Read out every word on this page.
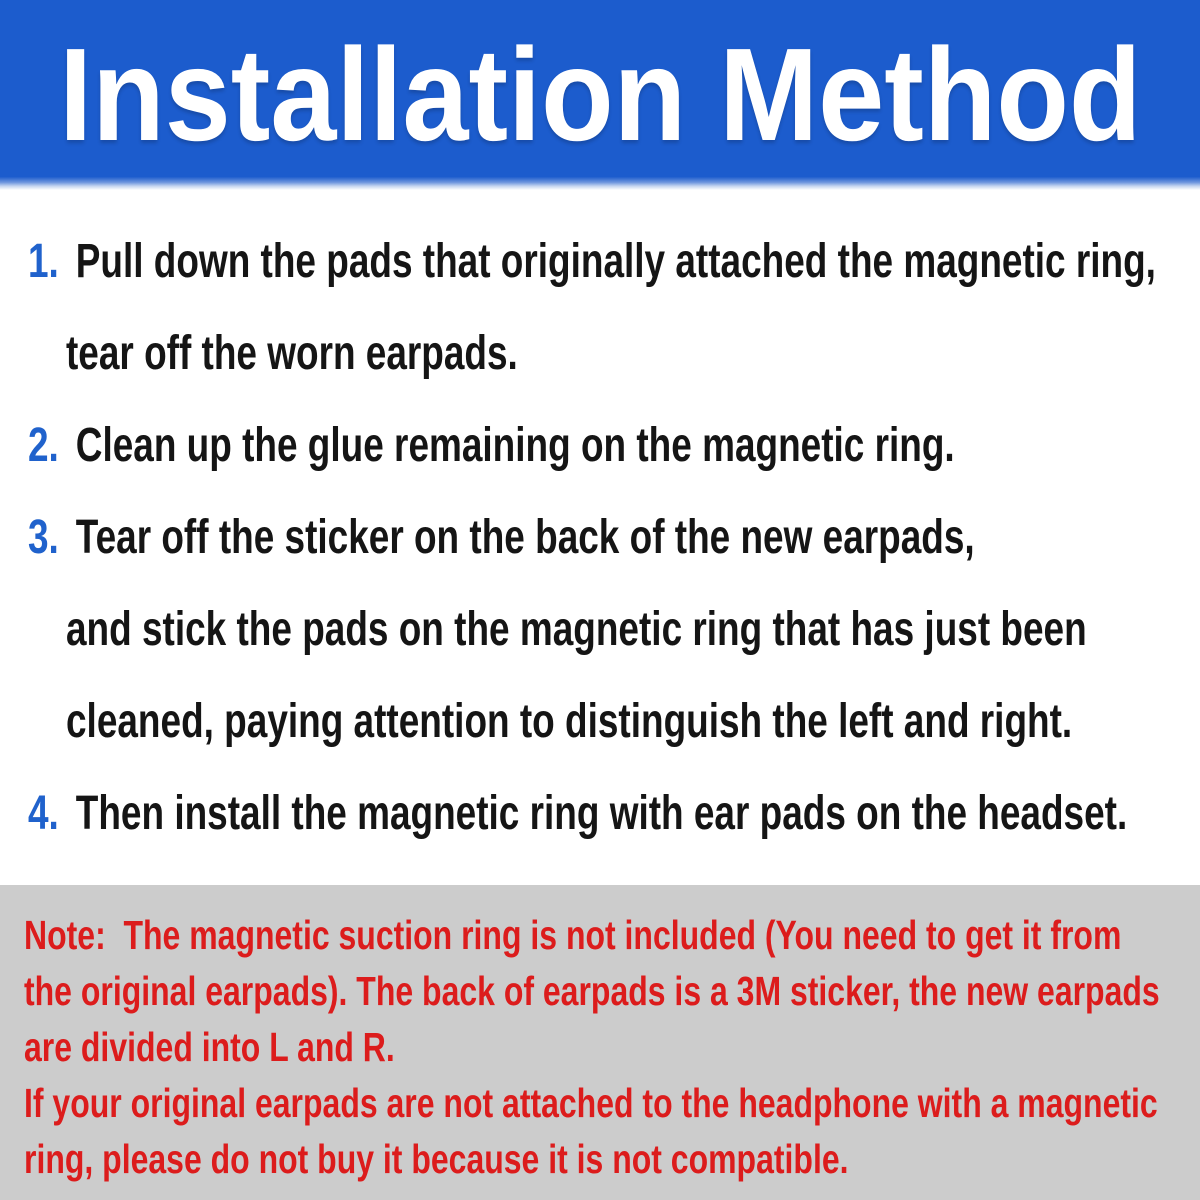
Installation Method
1. Pull down the pads that originally attached the magnetic ring,
tear off the worn earpads.
2. Clean up the glue remaining on the magnetic ring.
3. Tear off the sticker on the back of the new earpads,
and stick the pads on the magnetic ring that has just been
cleaned, paying attention to distinguish the left and right.
4. Then install the magnetic ring with ear pads on the headset.
Note:  The magnetic suction ring is not included (You need to get it from
the original earpads). The back of earpads is a 3M sticker, the new earpads
are divided into L and R.
If your original earpads are not attached to the headphone with a magnetic
ring, please do not buy it because it is not compatible.
